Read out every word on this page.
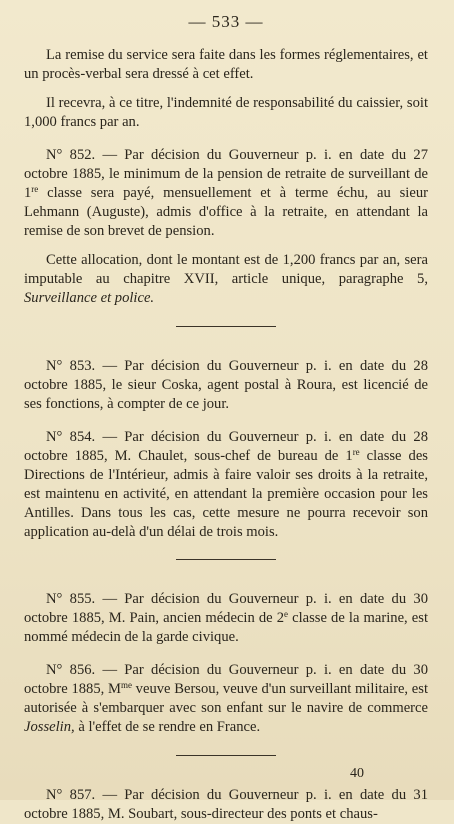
— 533 —

La remise du service sera faite dans les formes réglementaires, et un procès-verbal sera dressé à cet effet.

Il recevra, à ce titre, l'indemnité de responsabilité du caissier, soit 1,000 francs par an.

N° 852. — Par décision du Gouverneur p. i. en date du 27 octobre 1885, le minimum de la pension de retraite de surveillant de 1re classe sera payé, mensuellement et à terme échu, au sieur Lehmann (Auguste), admis d'office à la retraite, en attendant la remise de son brevet de pension.

Cette allocation, dont le montant est de 1,200 francs par an, sera imputable au chapitre XVII, article unique, paragraphe 5, Surveillance et police.

N° 853. — Par décision du Gouverneur p. i. en date du 28 octobre 1885, le sieur Coska, agent postal à Roura, est licencié de ses fonctions, à compter de ce jour.

N° 854. — Par décision du Gouverneur p. i. en date du 28 octobre 1885, M. Chaulet, sous-chef de bureau de 1re classe des Directions de l'Intérieur, admis à faire valoir ses droits à la retraite, est maintenu en activité, en attendant la première occasion pour les Antilles. Dans tous les cas, cette mesure ne pourra recevoir son application au-delà d'un délai de trois mois.

N° 855. — Par décision du Gouverneur p. i. en date du 30 octobre 1885, M. Pain, ancien médecin de 2e classe de la marine, est nommé médecin de la garde civique.

N° 856. — Par décision du Gouverneur p. i. en date du 30 octobre 1885, $M^{me}$ veuve Bersou, veuve d'un surveillant militaire, est autorisée à s'embarquer avec son enfant sur le navire de commerce Josselin, à l'effet de se rendre en France.

N° 857. — Par décision du Gouverneur p. i. en date du 31 octobre 1885, M. Soubart, sous-directeur des ponts et chaus-

40
